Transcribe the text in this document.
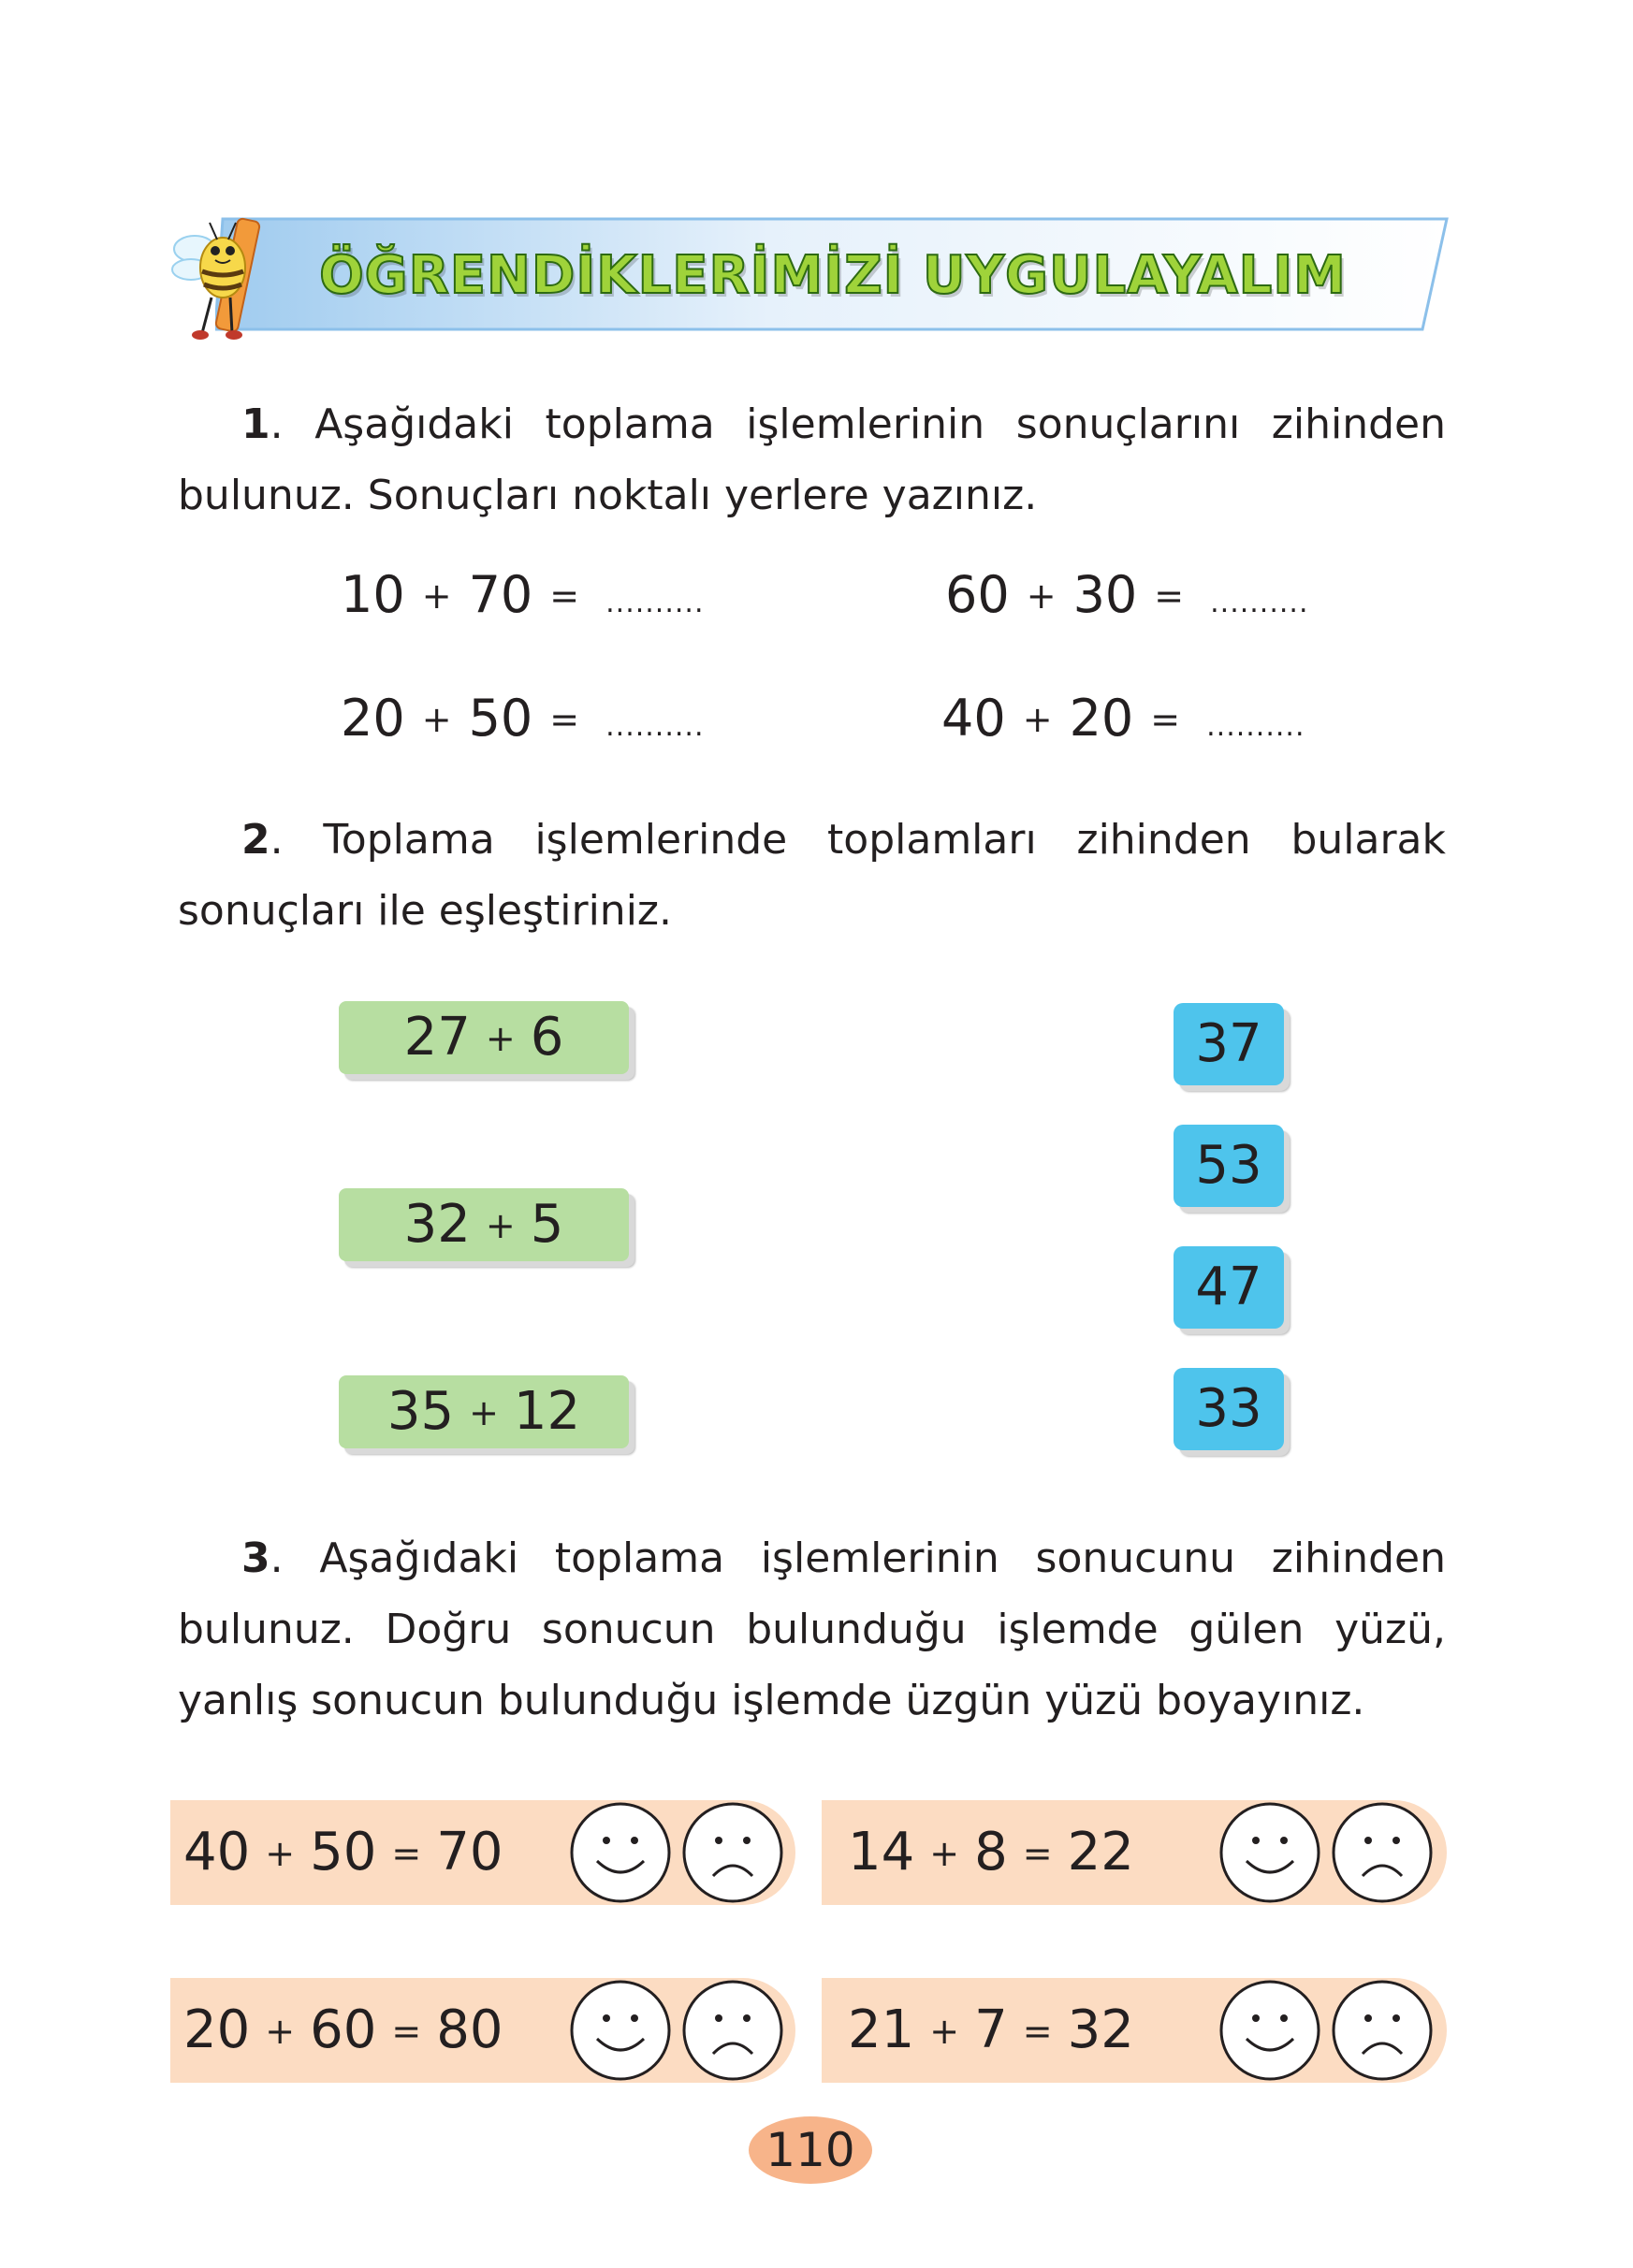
ÖĞRENDİKLERİMİZİ UYGULAYALIM
1. Aşağıdaki toplama işlemlerinin sonuçlarını zihinden bulunuz. Sonuçları noktalı yerlere yazınız.
10 + 70 = ..........	60 + 30 = ..........
20 + 50 = ..........	40 + 20 = ..........
2. Toplama işlemlerinde toplamları zihinden bularak sonuçları ile eşleştiriniz.
27 + 6
32 + 5
35 + 12
37
53
47
33
3. Aşağıdaki toplama işlemlerinin sonucunu zihinden bulunuz. Doğru sonucun bulunduğu işlemde gülen yüzü, yanlış sonucun bulunduğu işlemde üzgün yüzü boyayınız.
40 + 50 = 70	14 + 8 = 22
20 + 60 = 80	21 + 7 = 32
110
